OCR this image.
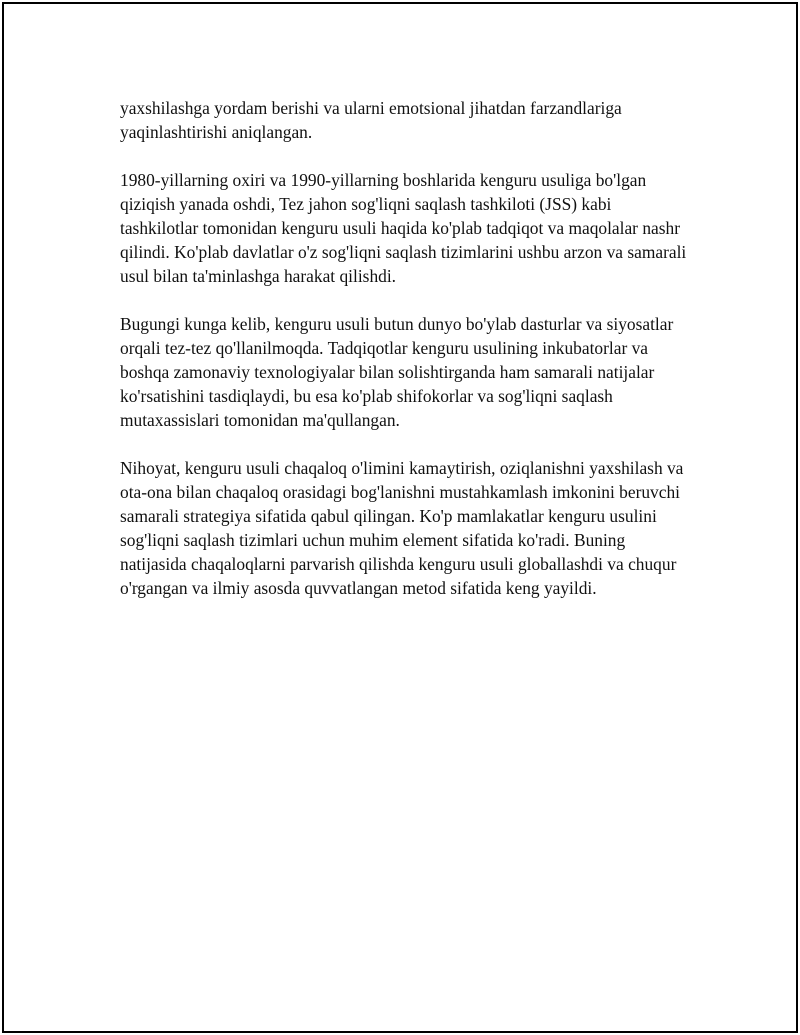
yaxshilashga yordam berishi va ularni emotsional jihatdan farzandlariga yaqinlashtirishi aniqlangan.

1980-yillarning oxiri va 1990-yillarning boshlarida kenguru usuliga bo'lgan qiziqish yanada oshdi, Tez jahon sog'liqni saqlash tashkiloti (JSS) kabi tashkilotlar tomonidan kenguru usuli haqida ko'plab tadqiqot va maqolalar nashr qilindi. Ko'plab davlatlar o'z sog'liqni saqlash tizimlarini ushbu arzon va samarali usul bilan ta'minlashga harakat qilishdi.

Bugungi kunga kelib, kenguru usuli butun dunyo bo'ylab dasturlar va siyosatlar orqali tez-tez qo'llanilmoqda. Tadqiqotlar kenguru usulining inkubatorlar va boshqa zamonaviy texnologiyalar bilan solishtirganda ham samarali natijalar ko'rsatishini tasdiqlaydi, bu esa ko'plab shifokorlar va sog'liqni saqlash mutaxassislari tomonidan ma'qullangan.

Nihoyat, kenguru usuli chaqaloq o'limini kamaytirish, oziqlanishni yaxshilash va ota-ona bilan chaqaloq orasidagi bog'lanishni mustahkamlash imkonini beruvchi samarali strategiya sifatida qabul qilingan. Ko'p mamlakatlar kenguru usulini sog'liqni saqlash tizimlari uchun muhim element sifatida ko'radi. Buning natijasida chaqaloqlarni parvarish qilishda kenguru usuli globallashdi va chuqur o'rgangan va ilmiy asosda quvvatlangan metod sifatida keng yayildi.
